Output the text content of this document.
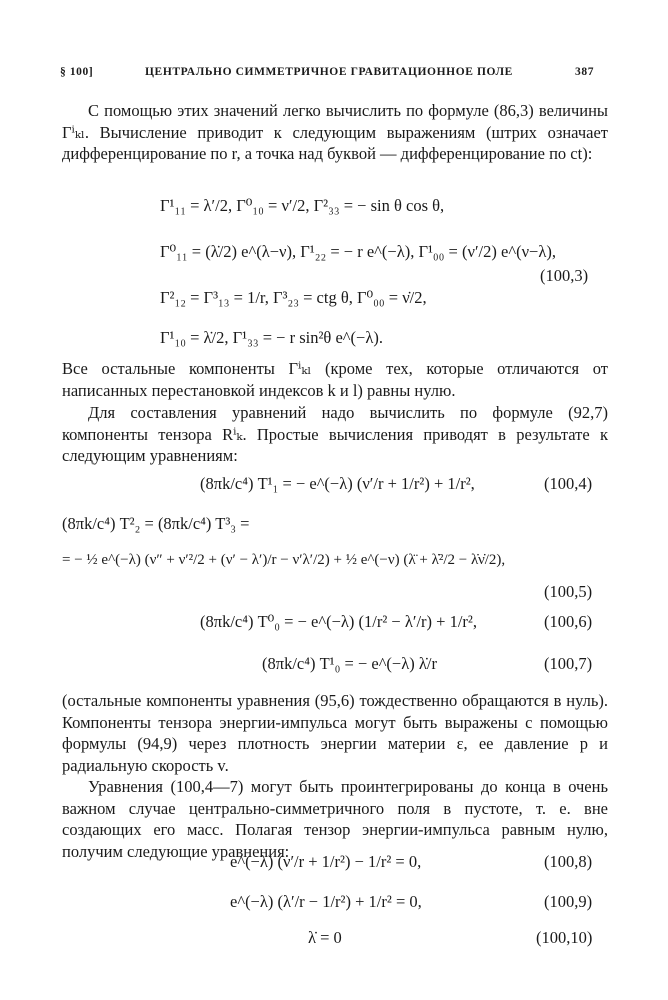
§ 100]	ЦЕНТРАЛЬНО СИММЕТРИЧНОЕ ГРАВИТАЦИОННОЕ ПОЛЕ	387
С помощью этих значений легко вычислить по формуле (86,3) величины Γⁱₖₗ. Вычисление приводит к следующим выражениям (штрих означает дифференцирование по r, а точка над буквой — дифференцирование по ct):
Γ¹₁₁ = λ′/2, Γ⁰₁₀ = ν′/2, Γ²₃₃ = − sin θ cos θ,
Γ⁰₁₁ = (λ̇/2) e^(λ−ν), Γ¹₂₂ = − r e^(−λ), Γ¹₀₀ = (ν′/2) e^(ν−λ),
Γ²₁₂ = Γ³₁₃ = 1/r, Γ³₂₃ = ctg θ, Γ⁰₀₀ = ν̇/2,
(100,3)
Γ¹₁₀ = λ̇/2, Γ¹₃₃ = − r sin²θ e^(−λ).
Все остальные компоненты Γⁱₖₗ (кроме тех, которые отличаются от написанных перестановкой индексов k и l) равны нулю.
Для составления уравнений надо вычислить по формуле (92,7) компоненты тензора Rⁱₖ. Простые вычисления приводят в результате к следующим уравнениям:
(8πk/c⁴) T¹₁ = − e^(−λ) (ν′/r + 1/r²) + 1/r²,	(100,4)
(8πk/c⁴) T²₂ = (8πk/c⁴) T³₃ =
= − ½ e^(−λ) (ν″ + ν′²/2 + (ν′ − λ′)/r − ν′λ′/2) + ½ e^(−ν) (λ̈ + λ̇²/2 − λ̇ν̇/2),
(100,5)
(8πk/c⁴) T⁰₀ = − e^(−λ) (1/r² − λ′/r) + 1/r²,	(100,6)
(8πk/c⁴) T¹₀ = − e^(−λ) λ̇/r	(100,7)
(остальные компоненты уравнения (95,6) тождественно обращаются в нуль). Компоненты тензора энергии-импульса могут быть выражены с помощью формулы (94,9) через плотность энергии материи ε, ее давление p и радиальную скорость v.
Уравнения (100,4—7) могут быть проинтегрированы до конца в очень важном случае центрально-симметричного поля в пустоте, т. е. вне создающих его масс. Полагая тензор энергии-импульса равным нулю, получим следующие уравнения:
e^(−λ) (ν′/r + 1/r²) − 1/r² = 0,	(100,8)
e^(−λ) (λ′/r − 1/r²) + 1/r² = 0,	(100,9)
λ̇ = 0	(100,10)
